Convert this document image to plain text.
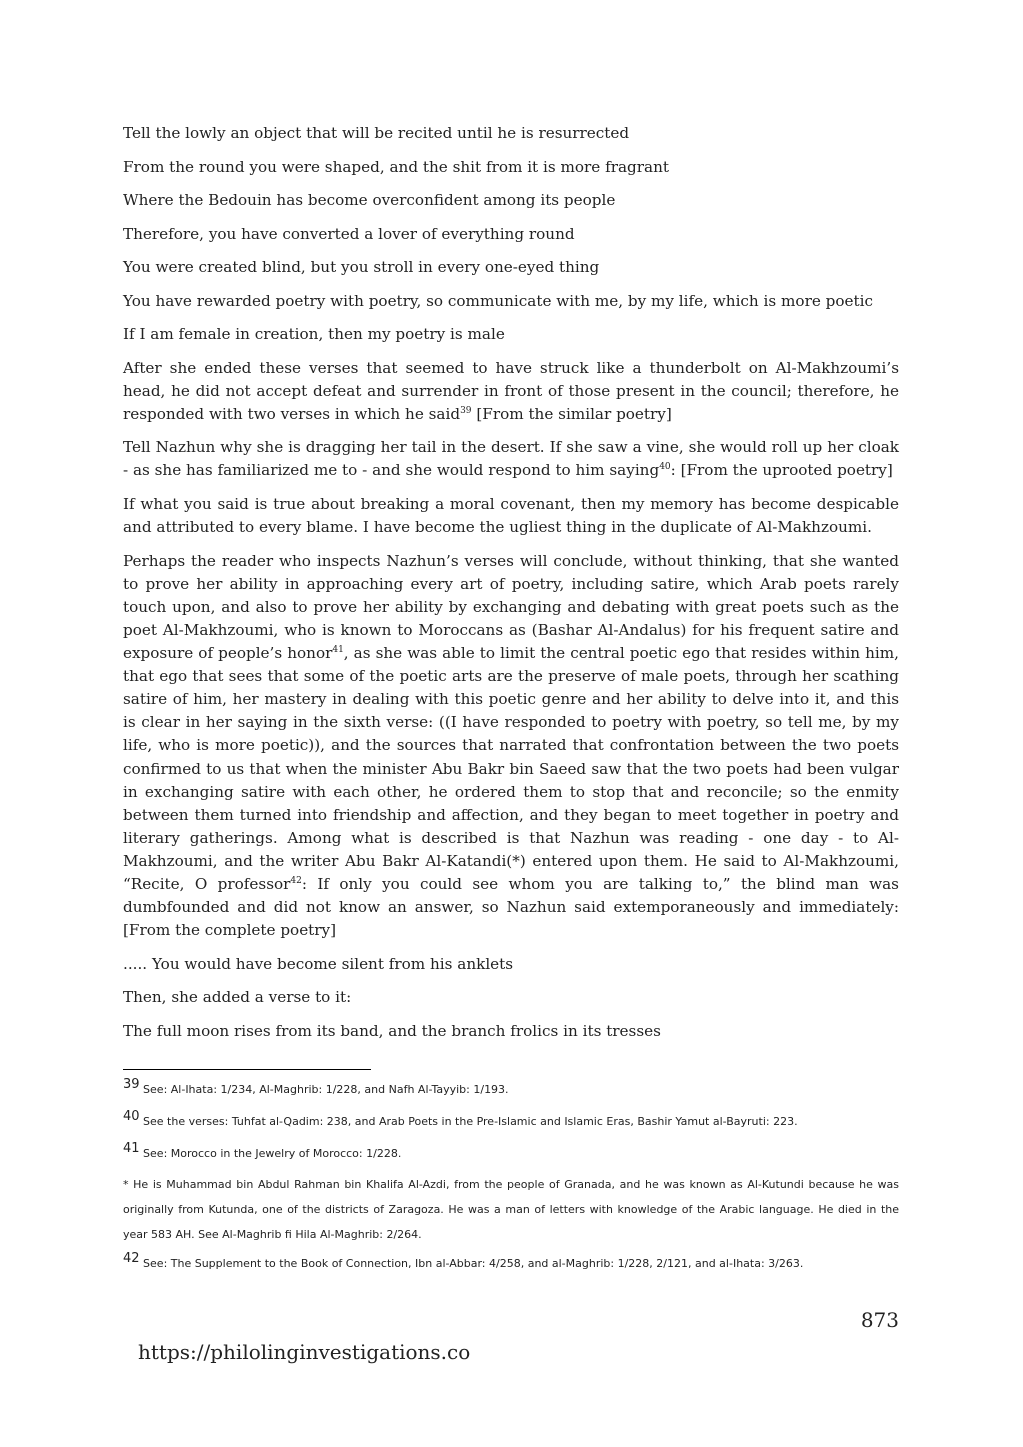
Tell the lowly an object that will be recited until he is resurrected

From the round you were shaped, and the shit from it is more fragrant

Where the Bedouin has become overconfident among its people

Therefore, you have converted a lover of everything round

You were created blind, but you stroll in every one-eyed thing

You have rewarded poetry with poetry, so communicate with me, by my life, which is more poetic

If I am female in creation, then my poetry is male

After she ended these verses that seemed to have struck like a thunderbolt on Al-Makhzoumi’s head, he did not accept defeat and surrender in front of those present in the council; therefore, he responded with two verses in which he said$^{39}$ [From the similar poetry]

Tell Nazhun why she is dragging her tail in the desert. If she saw a vine, she would roll up her cloak - as she has familiarized me to - and she would respond to him saying$^{40}$: [From the uprooted poetry]

If what you said is true about breaking a moral covenant, then my memory has become despicable and attributed to every blame. I have become the ugliest thing in the duplicate of Al-Makhzoumi.

Perhaps the reader who inspects Nazhun’s verses will conclude, without thinking, that she wanted to prove her ability in approaching every art of poetry, including satire, which Arab poets rarely touch upon, and also to prove her ability by exchanging and debating with great poets such as the poet Al-Makhzoumi, who is known to Moroccans as (Bashar Al-Andalus) for his frequent satire and exposure of people’s honor$^{41}$, as she was able to limit the central poetic ego that resides within him, that ego that sees that some of the poetic arts are the preserve of male poets, through her scathing satire of him, her mastery in dealing with this poetic genre and her ability to delve into it, and this is clear in her saying in the sixth verse: ((I have responded to poetry with poetry, so tell me, by my life, who is more poetic)), and the sources that narrated that confrontation between the two poets confirmed to us that when the minister Abu Bakr bin Saeed saw that the two poets had been vulgar in exchanging satire with each other, he ordered them to stop that and reconcile; so the enmity between them turned into friendship and affection, and they began to meet together in poetry and literary gatherings. Among what is described is that Nazhun was reading - one day - to Al-Makhzoumi, and the writer Abu Bakr Al-Katandi(*) entered upon them. He said to Al-Makhzoumi, “Recite, O professor$^{42}$: If only you could see whom you are talking to,” the blind man was dumbfounded and did not know an answer, so Nazhun said extemporaneously and immediately: [From the complete poetry]

..... You would have become silent from his anklets

Then, she added a verse to it:

The full moon rises from its band, and the branch frolics in its tresses

39 See: Al-Ihata: 1/234, Al-Maghrib: 1/228, and Nafh Al-Tayyib: 1/193.

40 See the verses: Tuhfat al-Qadim: 238, and Arab Poets in the Pre-Islamic and Islamic Eras, Bashir Yamut al-Bayruti: 223.

41 See: Morocco in the Jewelry of Morocco: 1/228.

* He is Muhammad bin Abdul Rahman bin Khalifa Al-Azdi, from the people of Granada, and he was known as Al-Kutundi because he was originally from Kutunda, one of the districts of Zaragoza. He was a man of letters with knowledge of the Arabic language. He died in the year 583 AH. See Al-Maghrib fi Hila Al-Maghrib: 2/264.

42 See: The Supplement to the Book of Connection, Ibn al-Abbar: 4/258, and al-Maghrib: 1/228, 2/121, and al-Ihata: 3/263.

873
https://philolinginvestigations.co
